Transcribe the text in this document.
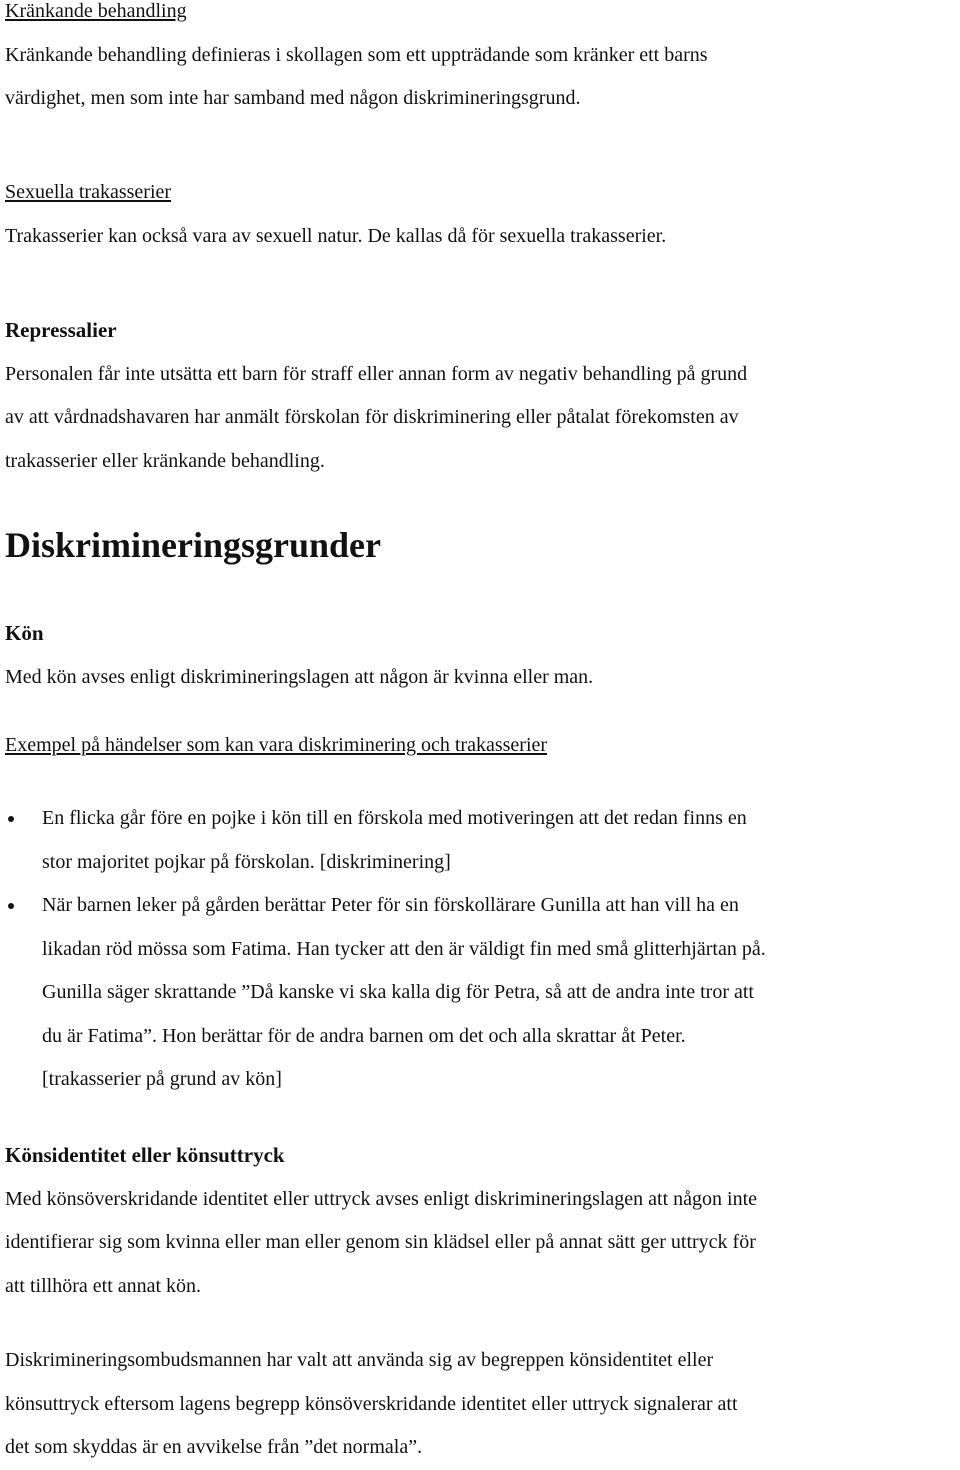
Kränkande behandling
Kränkande behandling definieras i skollagen som ett uppträdande som kränker ett barns
värdighet, men som inte har samband med någon diskrimineringsgrund.
Sexuella trakasserier
Trakasserier kan också vara av sexuell natur. De kallas då för sexuella trakasserier.
Repressalier
Personalen får inte utsätta ett barn för straff eller annan form av negativ behandling på grund
av att vårdnadshavaren har anmält förskolan för diskriminering eller påtalat förekomsten av
trakasserier eller kränkande behandling.
Diskrimineringsgrunder
Kön
Med kön avses enligt diskrimineringslagen att någon är kvinna eller man.
Exempel på händelser som kan vara diskriminering och trakasserier
En flicka går före en pojke i kön till en förskola med motiveringen att det redan finns en
stor majoritet pojkar på förskolan. [diskriminering]
När barnen leker på gården berättar Peter för sin förskollärare Gunilla att han vill ha en
likadan röd mössa som Fatima. Han tycker att den är väldigt fin med små glitterhjärtan på.
Gunilla säger skrattande ”Då kanske vi ska kalla dig för Petra, så att de andra inte tror att
du är Fatima”. Hon berättar för de andra barnen om det och alla skrattar åt Peter.
[trakasserier på grund av kön]
Könsidentitet eller könsuttryck
Med könsöverskridande identitet eller uttryck avses enligt diskrimineringslagen att någon inte
identifierar sig som kvinna eller man eller genom sin klädsel eller på annat sätt ger uttryck för
att tillhöra ett annat kön.
Diskrimineringsombudsmannen har valt att använda sig av begreppen könsidentitet eller
könsuttryck eftersom lagens begrepp könsöverskridande identitet eller uttryck signalerar att
det som skyddas är en avvikelse från ”det normala”.
